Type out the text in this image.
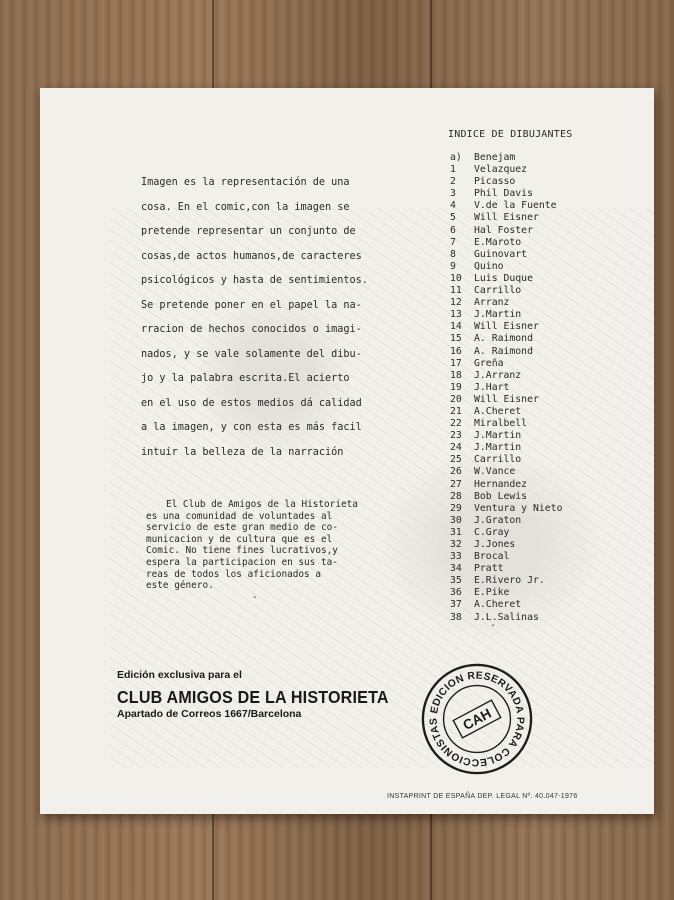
Imagen es la representación de una
cosa. En el comic,con la imagen se
pretende representar un conjunto de
cosas,de actos humanos,de caracteres
psicológicos y hasta de sentimientos.
Se pretende poner en el papel la na-
rracion de hechos conocidos o imagi-
nados, y se vale solamente del dibu-
jo y la palabra escrita.El acierto
en el uso de estos medios dá calidad
a la imagen, y con esta es más facil
intuir la belleza de la narración
El Club de Amigos de la Historieta
es una comunidad de voluntades al
servicio de este gran medio de co-
municacion y de cultura que es el
Comic. No tiene fines lucrativos,y
espera la participacion en sus ta-
reas de todos los aficionados a
este género.
-
INDICE DE DIBUJANTES
a) Benejam
1 Velazquez
2 Picasso
3 Phil Davis
4 V.de la Fuente
5 Will Eisner
6 Hal Foster
7 E.Maroto
8 Guinovart
9 Quino
10 Luis Duque
11 Carrillo
12 Arranz
13 J.Martin
14 Will Eisner
15 A. Raimond
16 A. Raimond
17 Greña
18 J.Arranz
19 J.Hart
20 Will Eisner
21 A.Cheret
22 Miralbell
23 J.Martin
24 J.Martin
25 Carrillo
26 W.Vance
27 Hernandez
28 Bob Lewis
29 Ventura y Nieto
30 J.Graton
31 C.Gray
32 J.Jones
33 Brocal
34 Pratt
35 E.Rivero Jr.
36 E.Pike
37 A.Cheret
38 J.L.Salinas
-
Edición exclusiva para el
CLUB AMIGOS DE LA HISTORIETA
Apartado de Correos 1667/Barcelona	EDICION RESERVADA PARA COLECCIONISTAS	CAH
INSTAPRINT DE ESPAÑA DEP. LEGAL Nº. 40.047-1976
